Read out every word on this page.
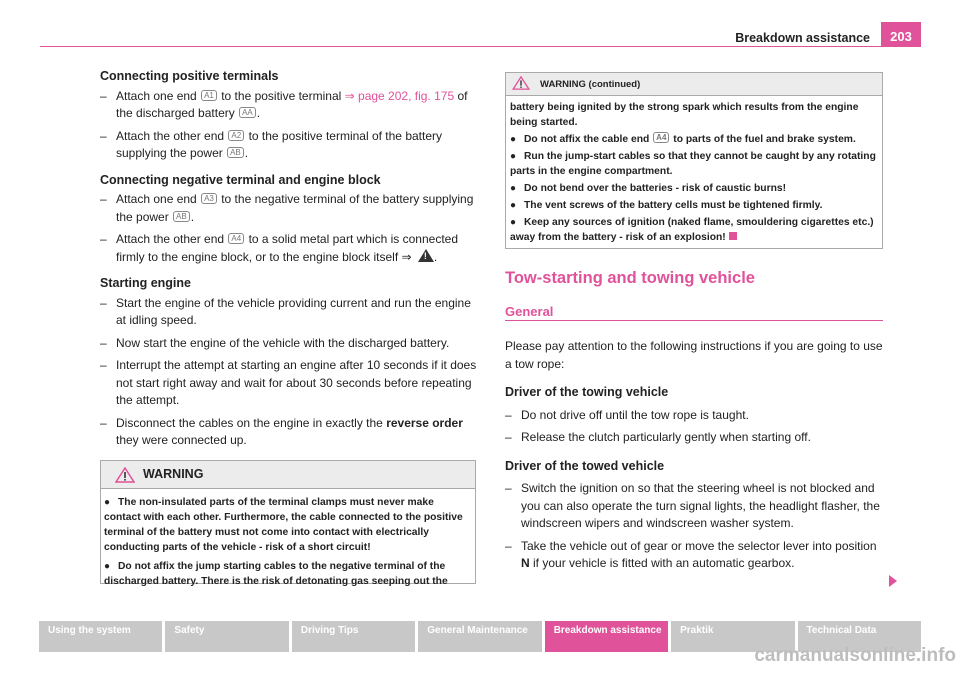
Breakdown assistance 203
Connecting positive terminals
– Attach one end A1 to the positive terminal ⇒ page 202, fig. 175 of the discharged battery AA .
– Attach the other end A2 to the positive terminal of the battery supplying the power AB .
Connecting negative terminal and engine block
– Attach one end A3 to the negative terminal of the battery supplying the power AB .
– Attach the other end A4 to a solid metal part which is connected firmly to the engine block, or to the engine block itself ⇒ ! .
Starting engine
– Start the engine of the vehicle providing current and run the engine at idling speed.
– Now start the engine of the vehicle with the discharged battery.
– Interrupt the attempt at starting an engine after 10 seconds if it does not start right away and wait for about 30 seconds before repeating the attempt.
– Disconnect the cables on the engine in exactly the reverse order they were connected up.
WARNING
● The non-insulated parts of the terminal clamps must never make contact with each other. Furthermore, the cable connected to the positive terminal of the battery must not come into contact with electrically conducting parts of the vehicle - risk of a short circuit!
● Do not affix the jump starting cables to the negative terminal of the discharged battery. There is the risk of detonating gas seeping out the
WARNING (continued)
battery being ignited by the strong spark which results from the engine being started.
● Do not affix the cable end A4 to parts of the fuel and brake system.
● Run the jump-start cables so that they cannot be caught by any rotating parts in the engine compartment.
● Do not bend over the batteries - risk of caustic burns!
● The vent screws of the battery cells must be tightened firmly.
● Keep any sources of ignition (naked flame, smouldering cigarettes etc.) away from the battery - risk of an explosion!
Tow-starting and towing vehicle
General
Please pay attention to the following instructions if you are going to use a tow rope:
Driver of the towing vehicle
– Do not drive off until the tow rope is taught.
– Release the clutch particularly gently when starting off.
Driver of the towed vehicle
– Switch the ignition on so that the steering wheel is not blocked and you can also operate the turn signal lights, the headlight flasher, the windscreen wipers and windscreen washer system.
– Take the vehicle out of gear or move the selector lever into position N if your vehicle is fitted with an automatic gearbox.
Using the system	Safety	Driving Tips	General Maintenance	Breakdown assistance	Praktik	Technical Data
carmanualsonline.info
